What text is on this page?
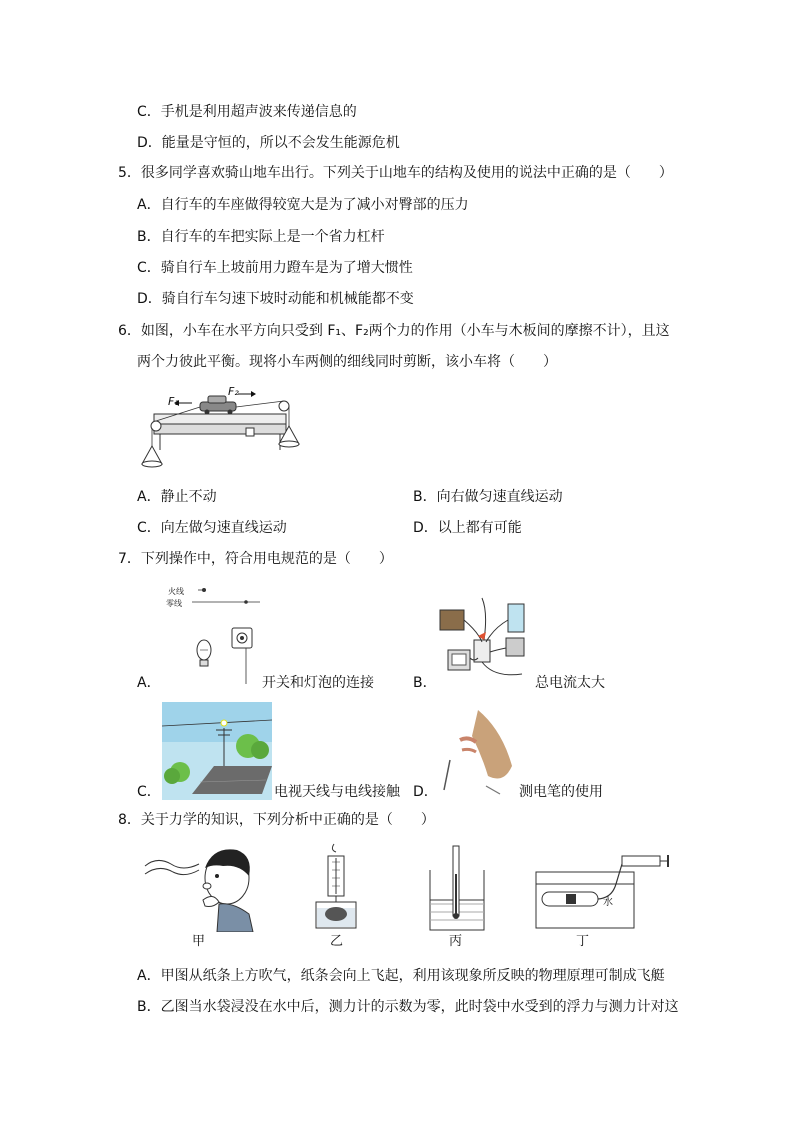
C．手机是利用超声波来传递信息的
D．能量是守恒的，所以不会发生能源危机
5．很多同学喜欢骑山地车出行。下列关于山地车的结构及使用的说法中正确的是（　　）
A．自行车的车座做得较宽大是为了减小对臀部的压力
B．自行车的车把实际上是一个省力杠杆
C．骑自行车上坡前用力蹬车是为了增大惯性
D．骑自行车匀速下坡时动能和机械能都不变
6．如图，小车在水平方向只受到 F₁、F₂两个力的作用（小车与木板间的摩擦不计），且这
两个力彼此平衡。现将小车两侧的细线同时剪断，该小车将（　　）
F₁
F₂
A．静止不动	B．向右做匀速直线运动
C．向左做匀速直线运动	D．以上都有可能
7．下列操作中，符合用电规范的是（　　）
火线
零线
A．	开关和灯泡的连接	B．	总电流太大
C．	电视天线与电线接触 D．	测电笔的使用
8．关于力学的知识，下列分析中正确的是（　　）
甲	乙	丙	丁
水
A．甲图从纸条上方吹气，纸条会向上飞起，利用该现象所反映的物理原理可制成飞艇
B．乙图当水袋浸没在水中后，测力计的示数为零，此时袋中水受到的浮力与测力计对这
